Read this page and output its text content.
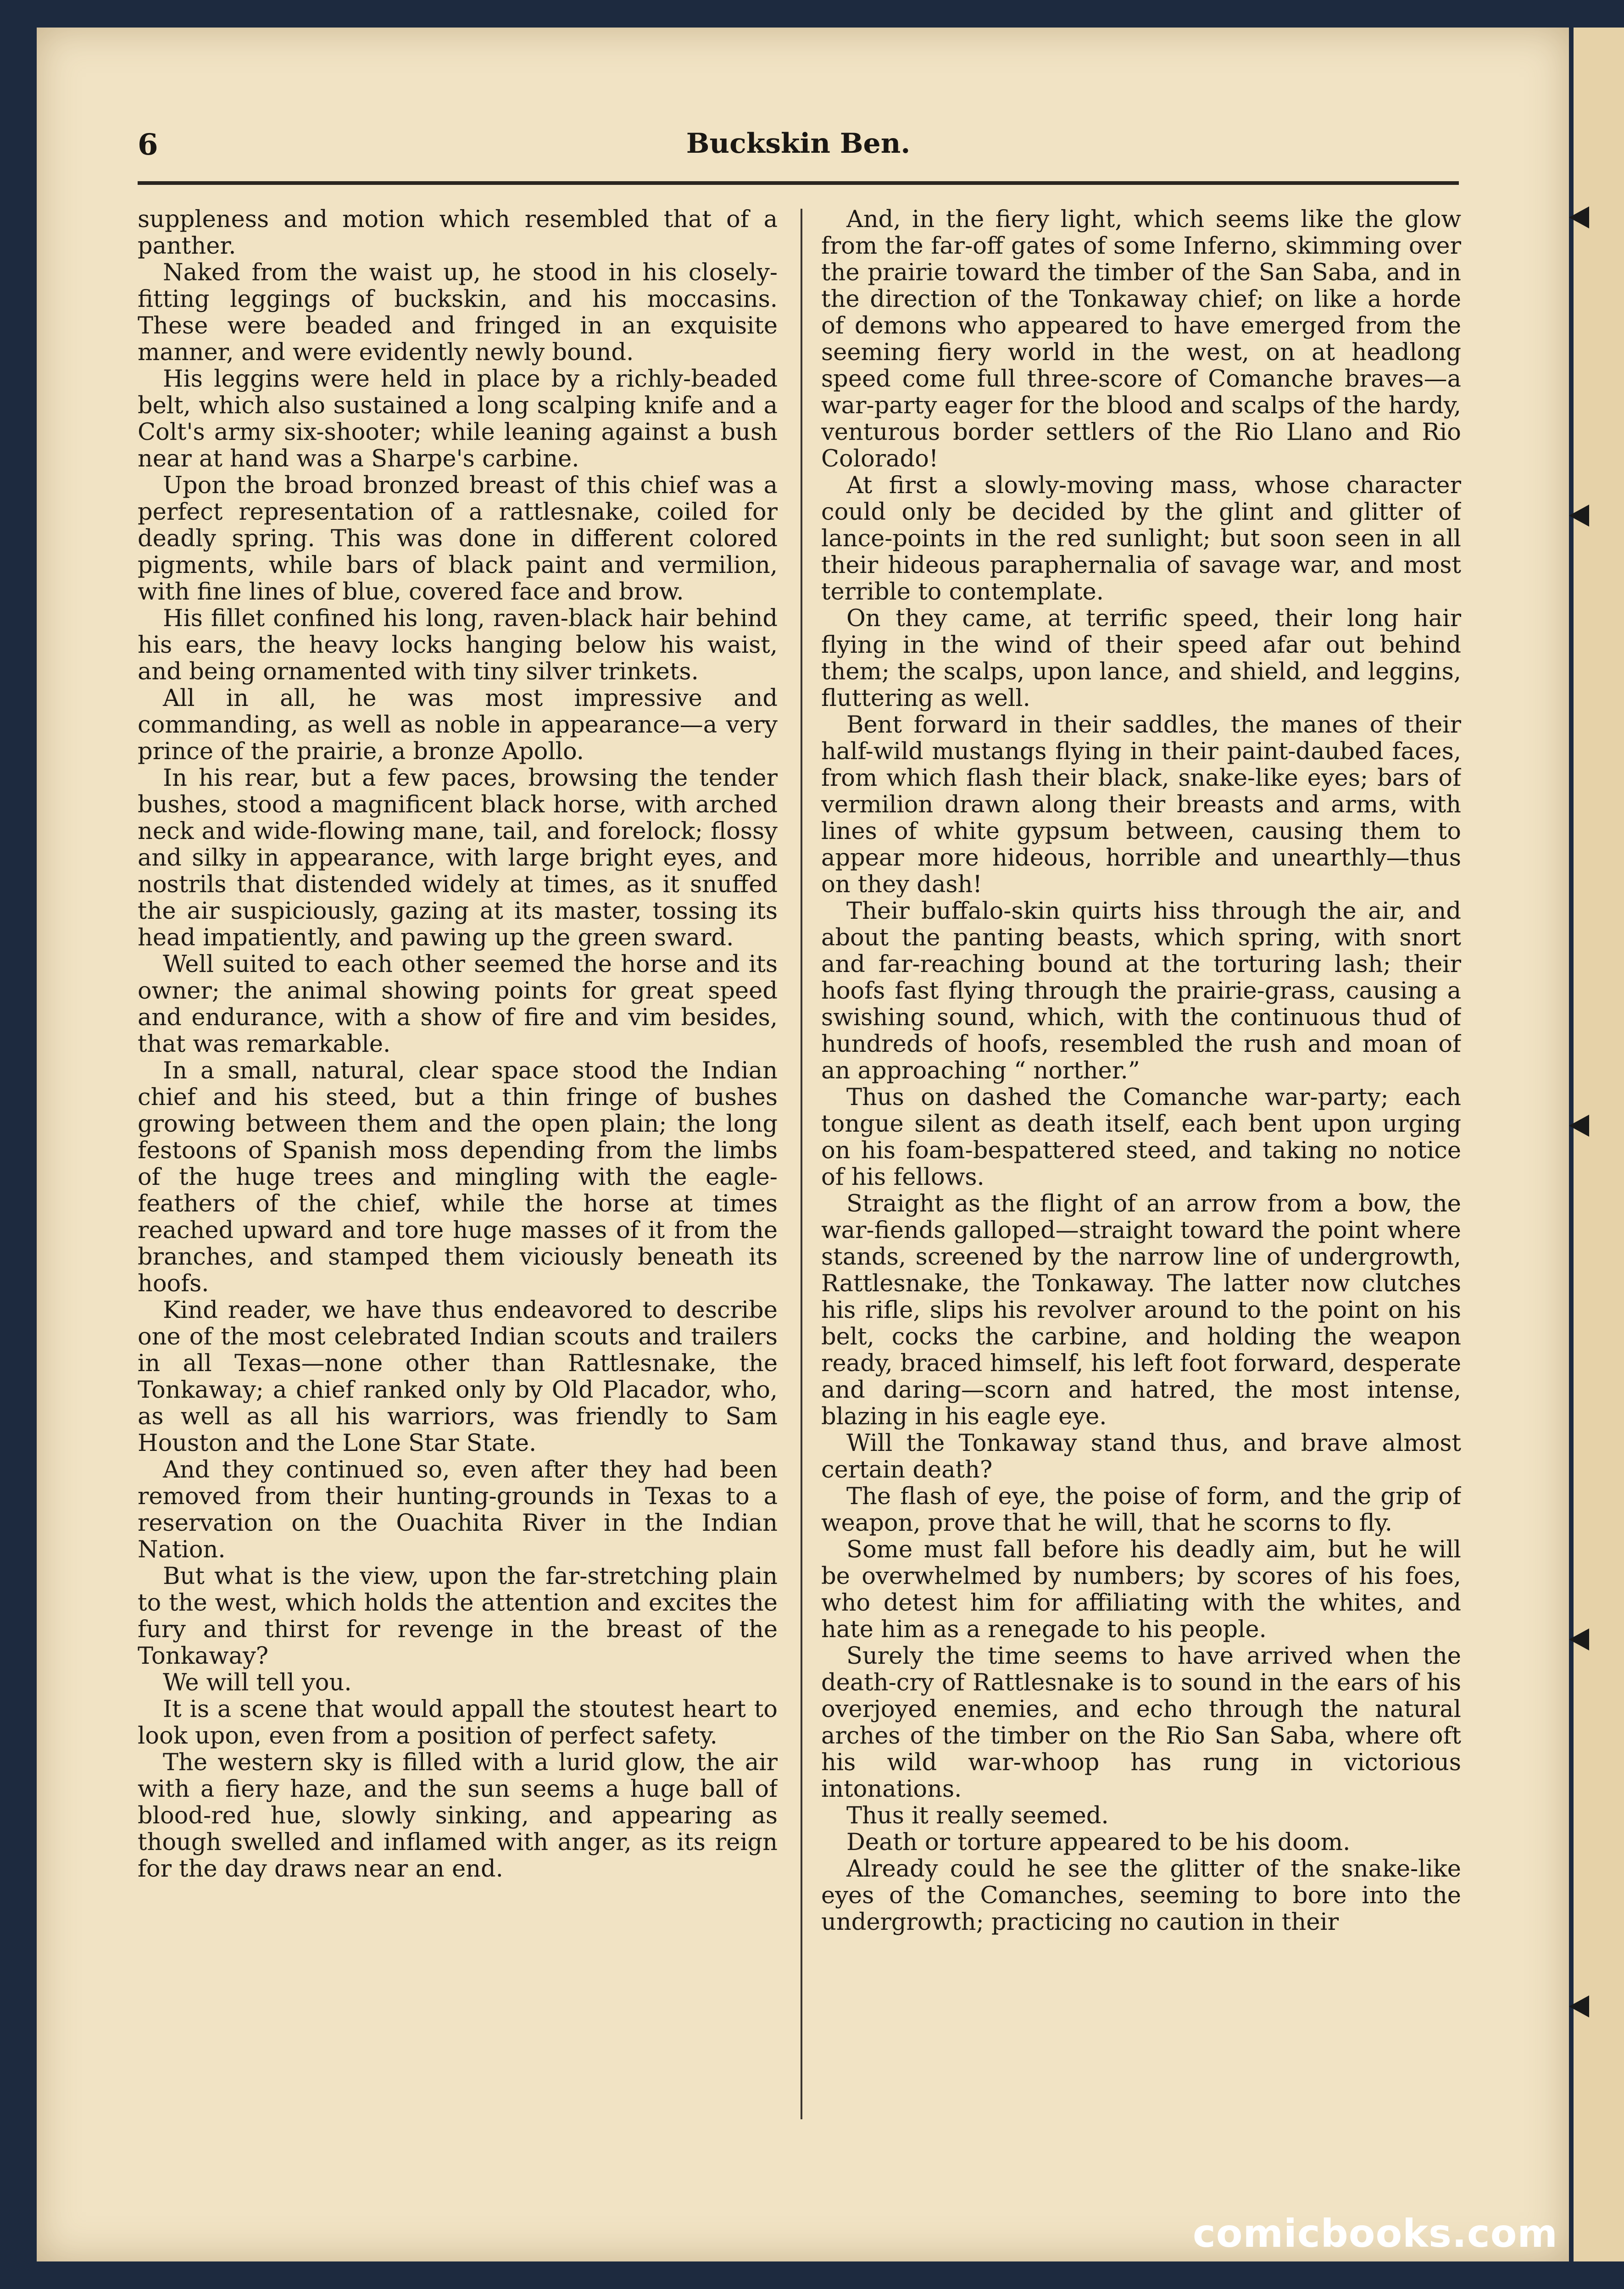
6	Buckskin Ben.

suppleness and motion which resembled that of a panther.

Naked from the waist up, he stood in his closely-fitting leggings of buckskin, and his moccasins. These were beaded and fringed in an exquisite manner, and were evidently newly bound.

His leggins were held in place by a richly-beaded belt, which also sustained a long scalping knife and a Colt's army six-shooter; while leaning against a bush near at hand was a Sharpe's carbine.

Upon the broad bronzed breast of this chief was a perfect representation of a rattlesnake, coiled for deadly spring. This was done in different colored pigments, while bars of black paint and vermilion, with fine lines of blue, covered face and brow.

His fillet confined his long, raven-black hair behind his ears, the heavy locks hanging below his waist, and being ornamented with tiny silver trinkets.

All in all, he was most impressive and commanding, as well as noble in appearance—a very prince of the prairie, a bronze Apollo.

In his rear, but a few paces, browsing the tender bushes, stood a magnificent black horse, with arched neck and wide-flowing mane, tail, and forelock; flossy and silky in appearance, with large bright eyes, and nostrils that distended widely at times, as it snuffed the air suspiciously, gazing at its master, tossing its head impatiently, and pawing up the green sward.

Well suited to each other seemed the horse and its owner; the animal showing points for great speed and endurance, with a show of fire and vim besides, that was remarkable.

In a small, natural, clear space stood the Indian chief and his steed, but a thin fringe of bushes growing between them and the open plain; the long festoons of Spanish moss depending from the limbs of the huge trees and mingling with the eagle-feathers of the chief, while the horse at times reached upward and tore huge masses of it from the branches, and stamped them viciously beneath its hoofs.

Kind reader, we have thus endeavored to describe one of the most celebrated Indian scouts and trailers in all Texas—none other than Rattlesnake, the Tonkaway; a chief ranked only by Old Placador, who, as well as all his warriors, was friendly to Sam Houston and the Lone Star State.

And they continued so, even after they had been removed from their hunting-grounds in Texas to a reservation on the Ouachita River in the Indian Nation.

But what is the view, upon the far-stretching plain to the west, which holds the attention and excites the fury and thirst for revenge in the breast of the Tonkaway?

We will tell you.

It is a scene that would appall the stoutest heart to look upon, even from a position of perfect safety.

The western sky is filled with a lurid glow, the air with a fiery haze, and the sun seems a huge ball of blood-red hue, slowly sinking, and appearing as though swelled and inflamed with anger, as its reign for the day draws near an end.

And, in the fiery light, which seems like the glow from the far-off gates of some Inferno, skimming over the prairie toward the timber of the San Saba, and in the direction of the Tonkaway chief; on like a horde of demons who appeared to have emerged from the seeming fiery world in the west, on at headlong speed come full three-score of Comanche braves—a war-party eager for the blood and scalps of the hardy, venturous border settlers of the Rio Llano and Rio Colorado!

At first a slowly-moving mass, whose character could only be decided by the glint and glitter of lance-points in the red sunlight; but soon seen in all their hideous paraphernalia of savage war, and most terrible to contemplate.

On they came, at terrific speed, their long hair flying in the wind of their speed afar out behind them; the scalps, upon lance, and shield, and leggins, fluttering as well.

Bent forward in their saddles, the manes of their half-wild mustangs flying in their paint-daubed faces, from which flash their black, snake-like eyes; bars of vermilion drawn along their breasts and arms, with lines of white gypsum between, causing them to appear more hideous, horrible and unearthly—thus on they dash!

Their buffalo-skin quirts hiss through the air, and about the panting beasts, which spring, with snort and far-reaching bound at the torturing lash; their hoofs fast flying through the prairie-grass, causing a swishing sound, which, with the continuous thud of hundreds of hoofs, resembled the rush and moan of an approaching “ norther.”

Thus on dashed the Comanche war-party; each tongue silent as death itself, each bent upon urging on his foam-bespattered steed, and taking no notice of his fellows.

Straight as the flight of an arrow from a bow, the war-fiends galloped—straight toward the point where stands, screened by the narrow line of undergrowth, Rattlesnake, the Tonkaway. The latter now clutches his rifle, slips his revolver around to the point on his belt, cocks the carbine, and holding the weapon ready, braced himself, his left foot forward, desperate and daring—scorn and hatred, the most intense, blazing in his eagle eye.

Will the Tonkaway stand thus, and brave almost certain death?

The flash of eye, the poise of form, and the grip of weapon, prove that he will, that he scorns to fly.

Some must fall before his deadly aim, but he will be overwhelmed by numbers; by scores of his foes, who detest him for affiliating with the whites, and hate him as a renegade to his people.

Surely the time seems to have arrived when the death-cry of Rattlesnake is to sound in the ears of his overjoyed enemies, and echo through the natural arches of the timber on the Rio San Saba, where oft his wild war-whoop has rung in victorious intonations.

Thus it really seemed.

Death or torture appeared to be his doom.

Already could he see the glitter of the snake-like eyes of the Comanches, seeming to bore into the undergrowth; practicing no caution in their

comicbooks.com
